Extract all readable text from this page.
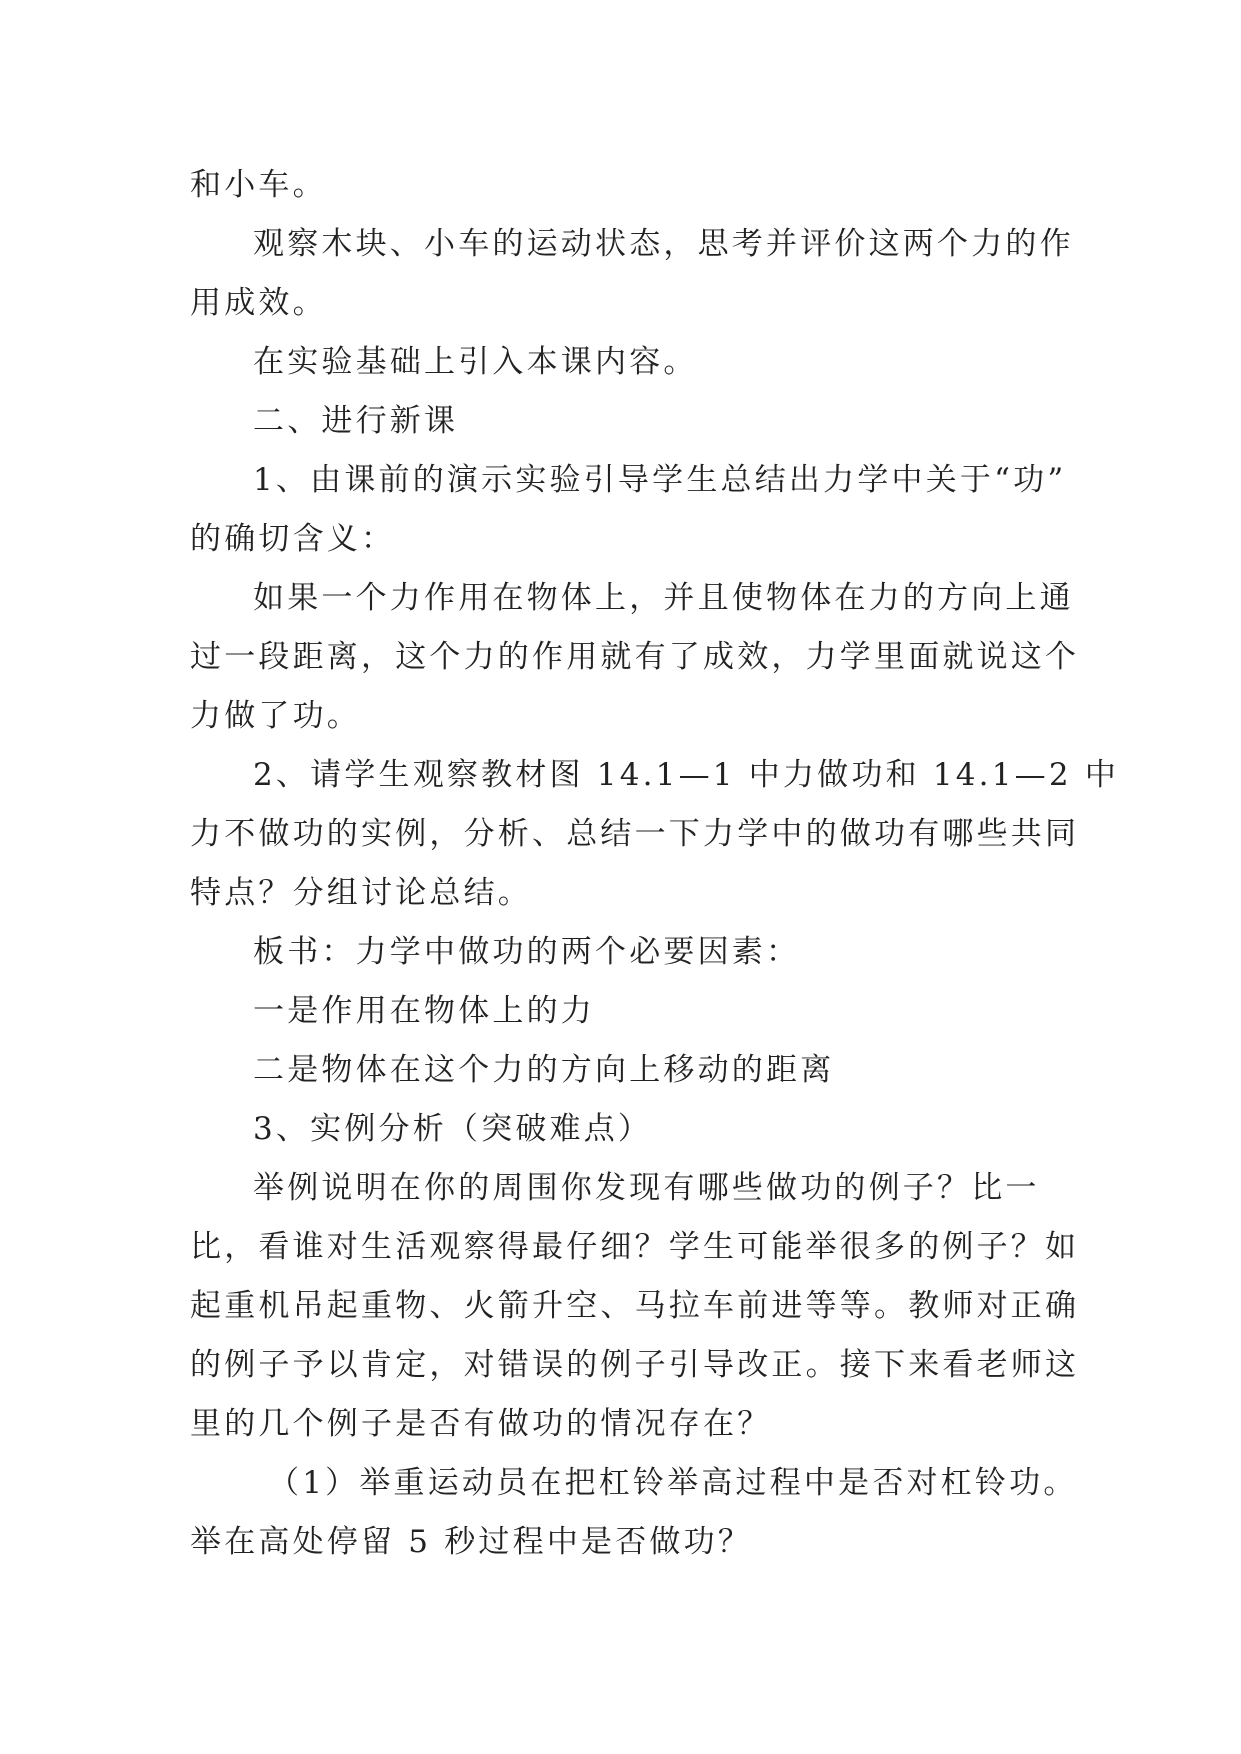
和小车。
观察木块、小车的运动状态，思考并评价这两个力的作
用成效。
在实验基础上引入本课内容。
二、进行新课
1、由课前的演示实验引导学生总结出力学中关于“功”
的确切含义：
如果一个力作用在物体上，并且使物体在力的方向上通
过一段距离，这个力的作用就有了成效，力学里面就说这个
力做了功。
2、请学生观察教材图 14.1—1 中力做功和 14.1—2 中
力不做功的实例，分析、总结一下力学中的做功有哪些共同
特点？分组讨论总结。
板书：力学中做功的两个必要因素：
一是作用在物体上的力
二是物体在这个力的方向上移动的距离
3、实例分析（突破难点）
举例说明在你的周围你发现有哪些做功的例子？比一
比，看谁对生活观察得最仔细？学生可能举很多的例子？如
起重机吊起重物、火箭升空、马拉车前进等等。教师对正确
的例子予以肯定，对错误的例子引导改正。接下来看老师这
里的几个例子是否有做功的情况存在？
（1）举重运动员在把杠铃举高过程中是否对杠铃功。
举在高处停留 5 秒过程中是否做功？
